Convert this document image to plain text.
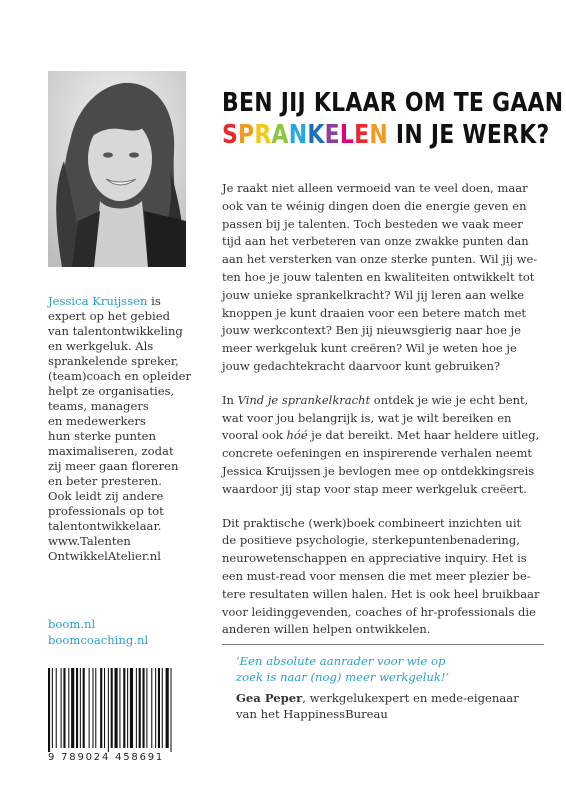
Jessica Kruijssen is
expert op het gebied
van talentontwikkeling
en werkgeluk. Als
sprankelende spreker,
(team)coach en opleider
helpt ze organisaties,
teams, managers
en medewerkers
hun sterke punten
maximaliseren, zodat
zij meer gaan floreren
en beter presteren.
Ook leidt zij andere
professionals op tot
talentontwikkelaar.
www.Talenten
OntwikkelAtelier.nl
boom.nl
boomcoaching.nl
9 789024 458691
BEN JIJ KLAAR OM TE GAAN
SPRANKELEN IN JE WERK?

Je raakt niet alleen vermoeid van te veel doen, maar
ook van te wéinig dingen doen die energie geven en
passen bij je talenten. Toch besteden we vaak meer
tijd aan het verbeteren van onze zwakke punten dan
aan het versterken van onze sterke punten. Wil jij we-
ten hoe je jouw talenten en kwaliteiten ontwikkelt tot
jouw unieke sprankelkracht? Wil jij leren aan welke
knoppen je kunt draaien voor een betere match met
jouw werkcontext? Ben jij nieuwsgierig naar hoe je
meer werkgeluk kunt creëren? Wil je weten hoe je
jouw gedachtekracht daarvoor kunt gebruiken?

In Vind je sprankelkracht ontdek je wie je echt bent,
wat voor jou belangrijk is, wat je wilt bereiken en
vooral ook hóé je dat bereikt. Met haar heldere uitleg,
concrete oefeningen en inspirerende verhalen neemt
Jessica Kruijssen je bevlogen mee op ontdekkingsreis
waardoor jij stap voor stap meer werkgeluk creëert.

Dit praktische (werk)boek combineert inzichten uit
de positieve psychologie, sterkepuntenbenadering,
neurowetenschappen en appreciative inquiry. Het is
een must-read voor mensen die met meer plezier be-
tere resultaten willen halen. Het is ook heel bruikbaar
voor leidinggevenden, coaches of hr-professionals die
anderen willen helpen ontwikkelen.

‘Een absolute aanrader voor wie op
zoek is naar (nog) meer werkgeluk!’
Gea Peper, werkgelukexpert en mede-eigenaar
van het HappinessBureau
